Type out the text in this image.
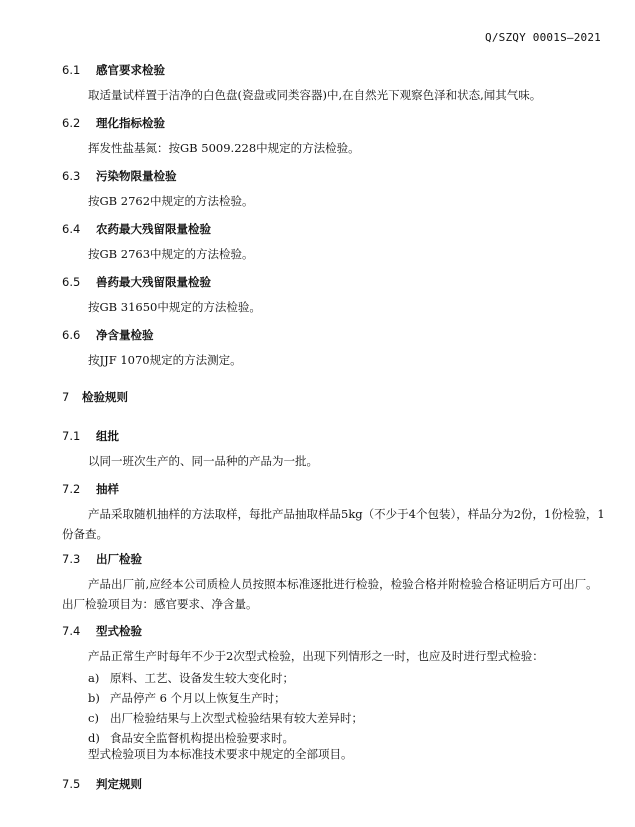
Q/SZQY 0001S—2021
6.1 感官要求检验
取适量试样置于洁净的白色盘(瓷盘或同类容器)中,在自然光下观察色泽和状态,闻其气味。
6.2 理化指标检验
挥发性盐基氮：按GB 5009.228中规定的方法检验。
6.3 污染物限量检验
按GB 2762中规定的方法检验。
6.4 农药最大残留限量检验
按GB 2763中规定的方法检验。
6.5 兽药最大残留限量检验
按GB 31650中规定的方法检验。
6.6 净含量检验
按JJF 1070规定的方法测定。
7 检验规则
7.1 组批
以同一班次生产的、同一品种的产品为一批。
7.2 抽样
产品采取随机抽样的方法取样，每批产品抽取样品5kg（不少于4个包装），样品分为2份，1份检验，1份备查。
7.3 出厂检验
产品出厂前,应经本公司质检人员按照本标准逐批进行检验，检验合格并附检验合格证明后方可出厂。出厂检验项目为：感官要求、净含量。
7.4 型式检验
产品正常生产时每年不少于2次型式检验，出现下列情形之一时，也应及时进行型式检验：
a) 原料、工艺、设备发生较大变化时；
b) 产品停产 6 个月以上恢复生产时；
c) 出厂检验结果与上次型式检验结果有较大差异时；
d) 食品安全监督机构提出检验要求时。
型式检验项目为本标准技术要求中规定的全部项目。
7.5 判定规则
